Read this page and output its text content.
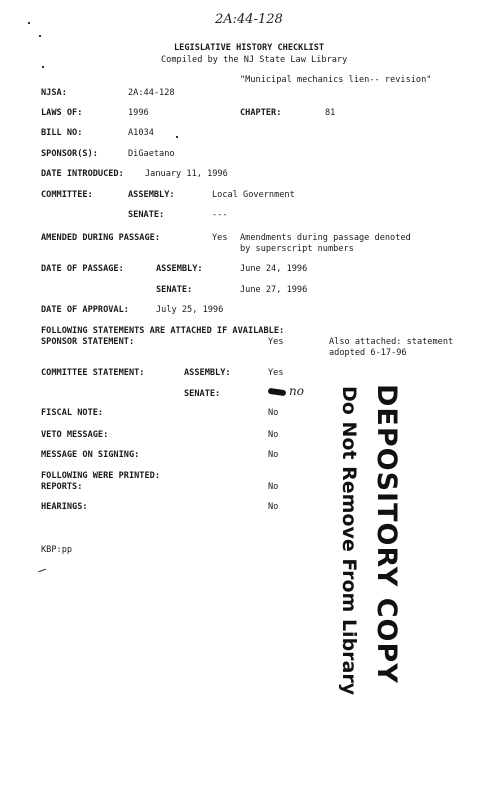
2A:44-128
LEGISLATIVE HISTORY CHECKLIST
Compiled by the NJ State Law Library
"Municipal mechanics lien-- revision"
NJSA:	2A:44-128
LAWS OF:	1996	CHAPTER:	81
BILL NO:	A1034
SPONSOR(S):	DiGaetano
DATE INTRODUCED: January 11, 1996
COMMITTEE:	ASSEMBLY:	Local Government
SENATE:	---
AMENDED DURING PASSAGE:	Yes Amendments during passage denoted
by superscript numbers
DATE OF PASSAGE:	ASSEMBLY:	June 24, 1996
SENATE:	June 27, 1996
DATE OF APPROVAL:	July 25, 1996
FOLLOWING STATEMENTS ARE ATTACHED IF AVAILABLE:
SPONSOR STATEMENT:	Yes	Also attached: statement
adopted 6-17-96
COMMITTEE STATEMENT:	ASSEMBLY:	Yes
SENATE:	no
FISCAL NOTE:	No
VETO MESSAGE:	No
MESSAGE ON SIGNING:	No
FOLLOWING WERE PRINTED:
REPORTS:	No
HEARINGS:	No
KBP:pp	DEPOSITORY COPY
Do Not Remove From Library
